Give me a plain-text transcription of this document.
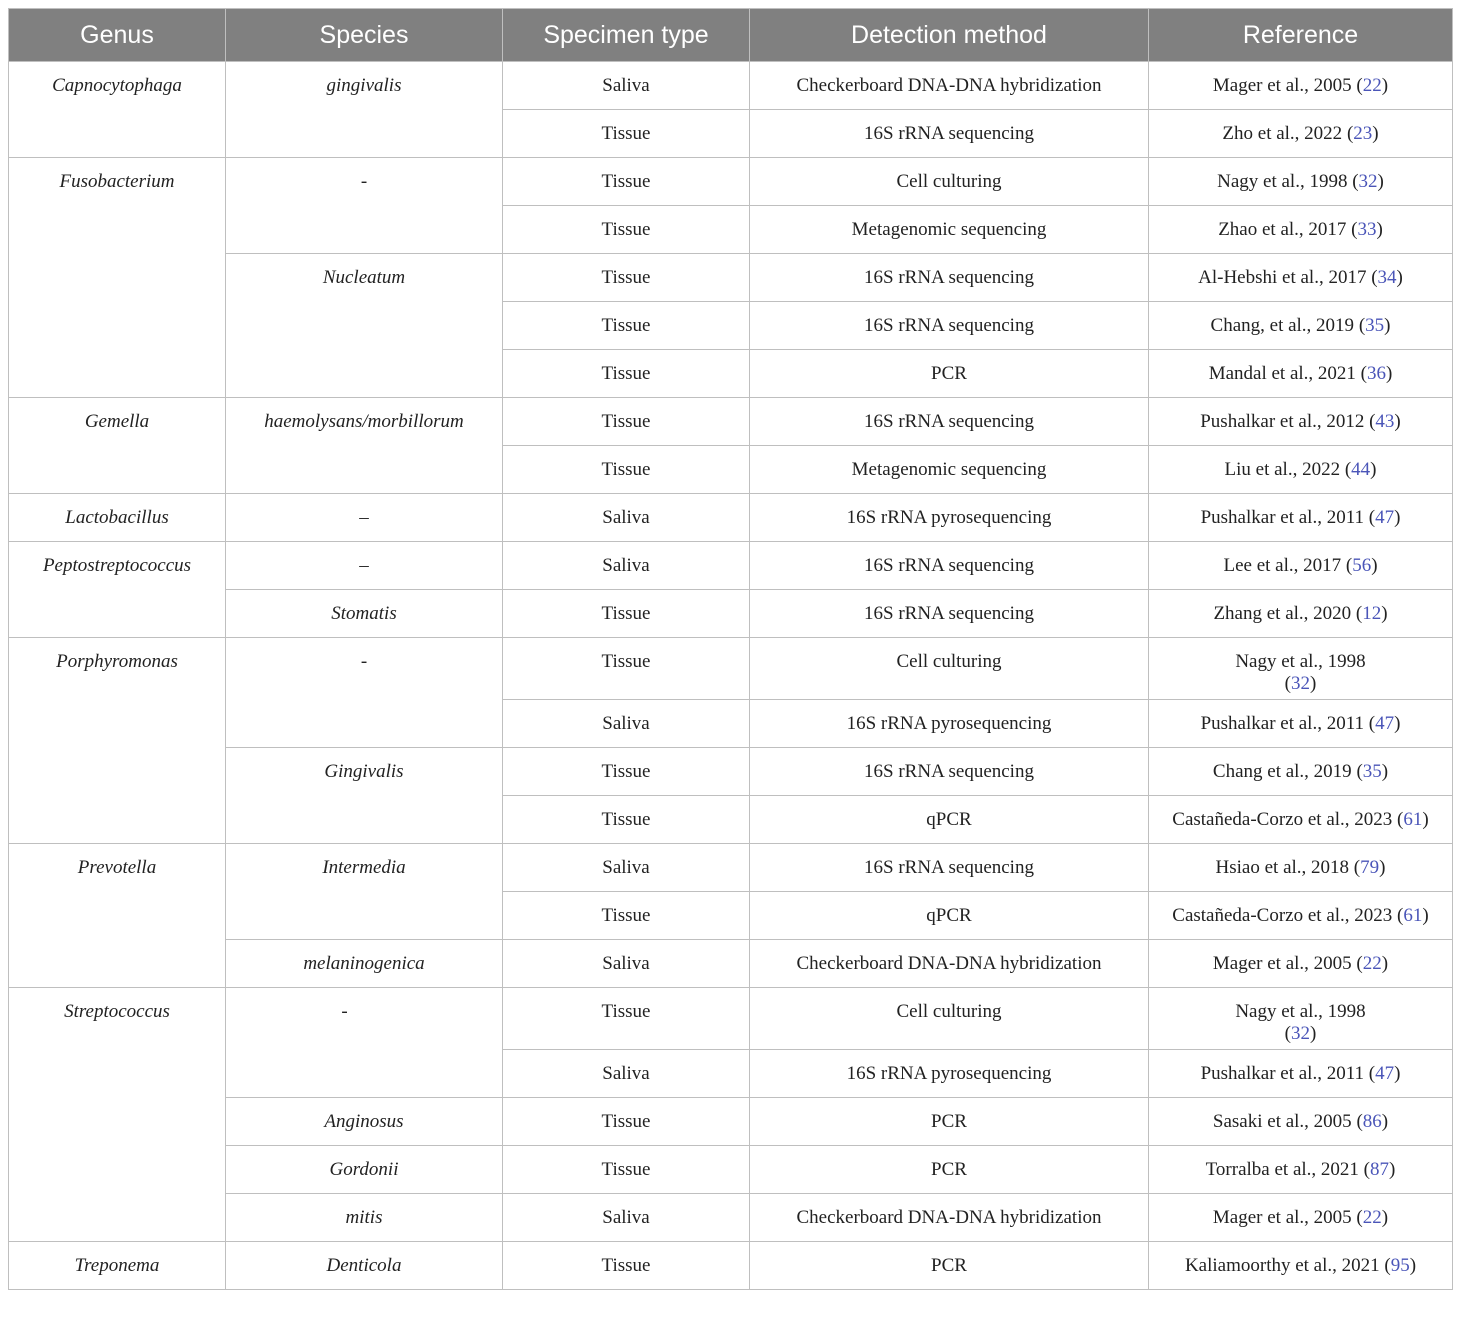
Genus	Species	Specimen type	Detection method	Reference
Capnocytophaga	gingivalis	Saliva	Checkerboard DNA-DNA hybridization	Mager et al., 2005 (22)
		Tissue	16S rRNA sequencing	Zho et al., 2022 (23)
Fusobacterium	-	Tissue	Cell culturing	Nagy et al., 1998 (32)
		Tissue	Metagenomic sequencing	Zhao et al., 2017 (33)
	Nucleatum	Tissue	16S rRNA sequencing	Al-Hebshi et al., 2017 (34)
		Tissue	16S rRNA sequencing	Chang, et al., 2019 (35)
		Tissue	PCR	Mandal et al., 2021 (36)
Gemella	haemolysans/morbillorum	Tissue	16S rRNA sequencing	Pushalkar et al., 2012 (43)
		Tissue	Metagenomic sequencing	Liu et al., 2022 (44)
Lactobacillus	–	Saliva	16S rRNA pyrosequencing	Pushalkar et al., 2011 (47)
Peptostreptococcus	–	Saliva	16S rRNA sequencing	Lee et al., 2017 (56)
	Stomatis	Tissue	16S rRNA sequencing	Zhang et al., 2020 (12)
Porphyromonas	-	Tissue	Cell culturing	Nagy et al., 1998
(32)
		Saliva	16S rRNA pyrosequencing	Pushalkar et al., 2011 (47)
	Gingivalis	Tissue	16S rRNA sequencing	Chang et al., 2019 (35)
		Tissue	qPCR	Castañeda-Corzo et al., 2023 (61)
Prevotella	Intermedia	Saliva	16S rRNA sequencing	Hsiao et al., 2018 (79)
		Tissue	qPCR	Castañeda-Corzo et al., 2023 (61)
	melaninogenica	Saliva	Checkerboard DNA-DNA hybridization	Mager et al., 2005 (22)
Streptococcus	-	Tissue	Cell culturing	Nagy et al., 1998
(32)
		Saliva	16S rRNA pyrosequencing	Pushalkar et al., 2011 (47)
	Anginosus	Tissue	PCR	Sasaki et al., 2005 (86)
	Gordonii	Tissue	PCR	Torralba et al., 2021 (87)
	mitis	Saliva	Checkerboard DNA-DNA hybridization	Mager et al., 2005 (22)
Treponema	Denticola	Tissue	PCR	Kaliamoorthy et al., 2021 (95)
